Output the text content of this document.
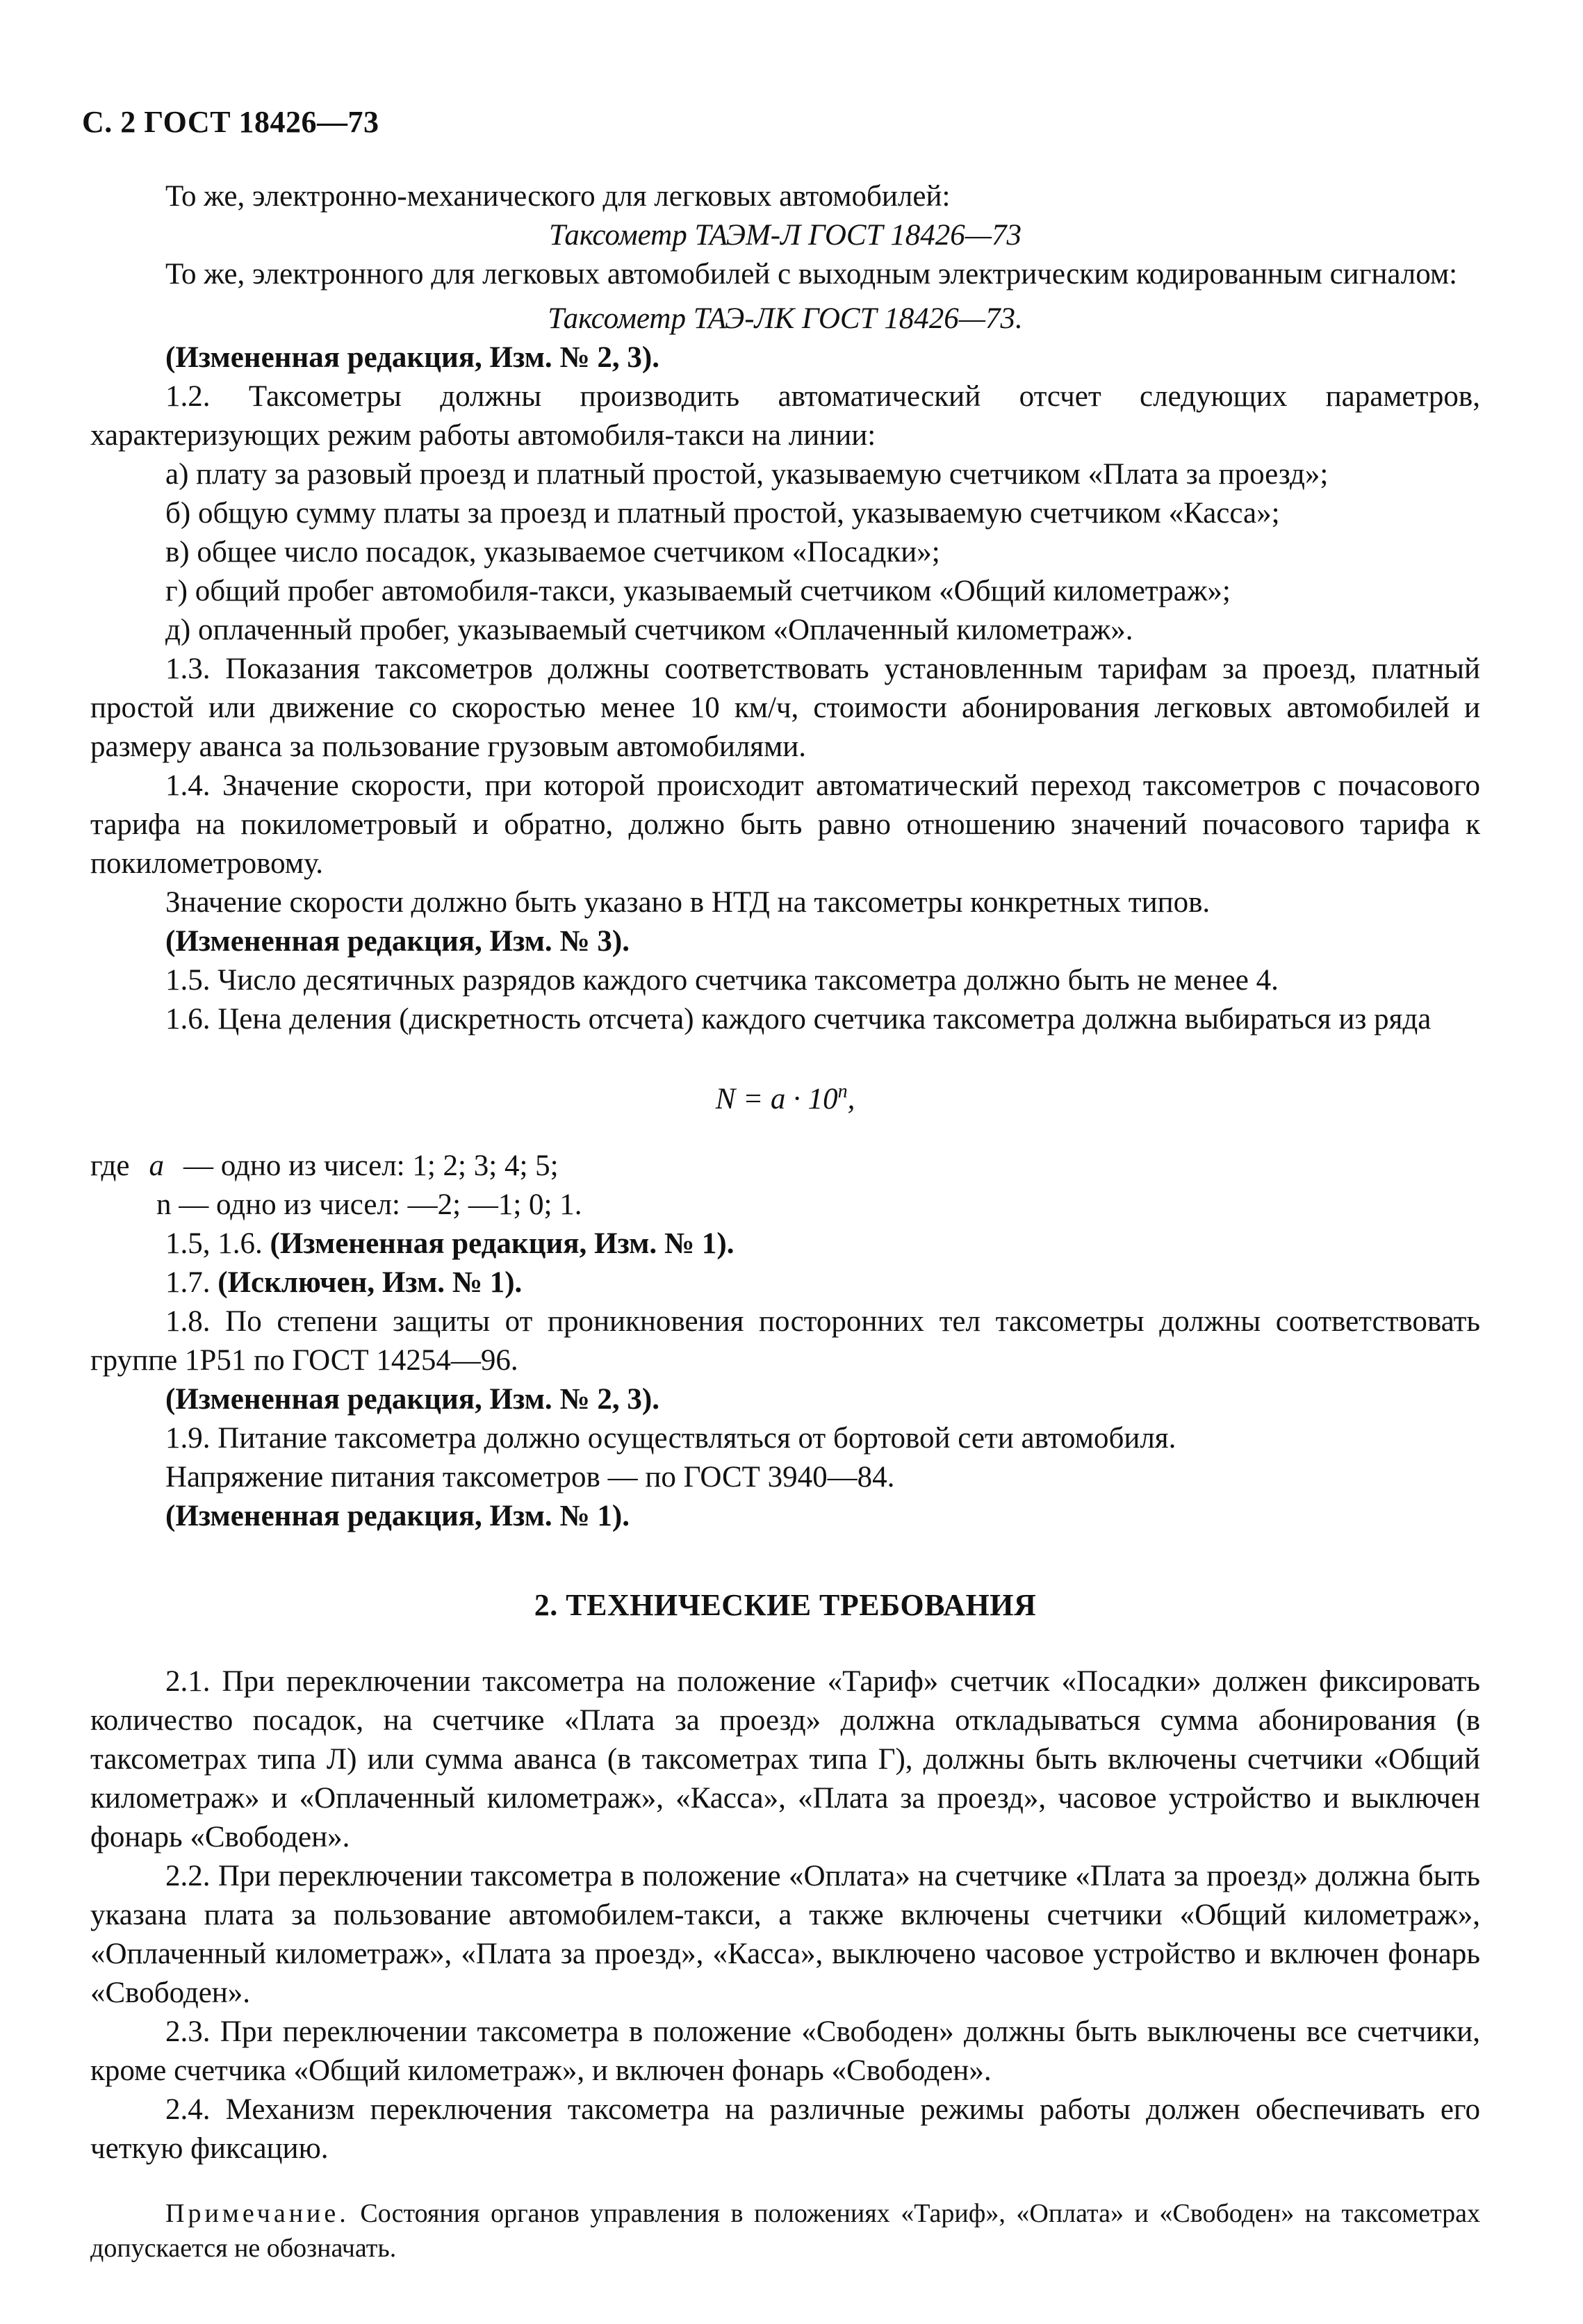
С. 2 ГОСТ 18426—73

То же, электронно-механического для легковых автомобилей:

Таксометр ТАЭМ-Л ГОСТ 18426—73

То же, электронного для легковых автомобилей с выходным электрическим кодированным сигналом:

Таксометр ТАЭ-ЛК ГОСТ 18426—73.

(Измененная редакция, Изм. № 2, 3).

1.2. Таксометры должны производить автоматический отсчет следующих параметров, характеризующих режим работы автомобиля-такси на линии:

а) плату за разовый проезд и платный простой, указываемую счетчиком «Плата за проезд»;

б) общую сумму платы за проезд и платный простой, указываемую счетчиком «Касса»;

в) общее число посадок, указываемое счетчиком «Посадки»;

г) общий пробег автомобиля-такси, указываемый счетчиком «Общий километраж»;

д) оплаченный пробег, указываемый счетчиком «Оплаченный километраж».

1.3. Показания таксометров должны соответствовать установленным тарифам за проезд, платный простой или движение со скоростью менее 10 км/ч, стоимости абонирования легковых автомобилей и размеру аванса за пользование грузовым автомобилями.

1.4. Значение скорости, при которой происходит автоматический переход таксометров с почасового тарифа на покилометровый и обратно, должно быть равно отношению значений почасового тарифа к покилометровому.

Значение скорости должно быть указано в НТД на таксометры конкретных типов.

(Измененная редакция, Изм. № 3).

1.5. Число десятичных разрядов каждого счетчика таксометра должно быть не менее 4.

1.6. Цена деления (дискретность отсчета) каждого счетчика таксометра должна выбираться из ряда

$N = a \cdot 10^n$,

где a — одно из чисел: 1; 2; 3; 4; 5;

n — одно из чисел: —2; —1; 0; 1.

1.5, 1.6. (Измененная редакция, Изм. № 1).

1.7. (Исключен, Изм. № 1).

1.8. По степени защиты от проникновения посторонних тел таксометры должны соответствовать группе 1Р51 по ГОСТ 14254—96.

(Измененная редакция, Изм. № 2, 3).

1.9. Питание таксометра должно осуществляться от бортовой сети автомобиля.

Напряжение питания таксометров — по ГОСТ 3940—84.

(Измененная редакция, Изм. № 1).

2. ТЕХНИЧЕСКИЕ ТРЕБОВАНИЯ

2.1. При переключении таксометра на положение «Тариф» счетчик «Посадки» должен фиксировать количество посадок, на счетчике «Плата за проезд» должна откладываться сумма абонирования (в таксометрах типа Л) или сумма аванса (в таксометрах типа Г), должны быть включены счетчики «Общий километраж» и «Оплаченный километраж», «Касса», «Плата за проезд», часовое устройство и выключен фонарь «Свободен».

2.2. При переключении таксометра в положение «Оплата» на счетчике «Плата за проезд» должна быть указана плата за пользование автомобилем-такси, а также включены счетчики «Общий километраж», «Оплаченный километраж», «Плата за проезд», «Касса», выключено часовое устройство и включен фонарь «Свободен».

2.3. При переключении таксометра в положение «Свободен» должны быть выключены все счетчики, кроме счетчика «Общий километраж», и включен фонарь «Свободен».

2.4. Механизм переключения таксометра на различные режимы работы должен обеспечивать его четкую фиксацию.

Примечание. Состояния органов управления в положениях «Тариф», «Оплата» и «Свободен» на таксометрах допускается не обозначать.
